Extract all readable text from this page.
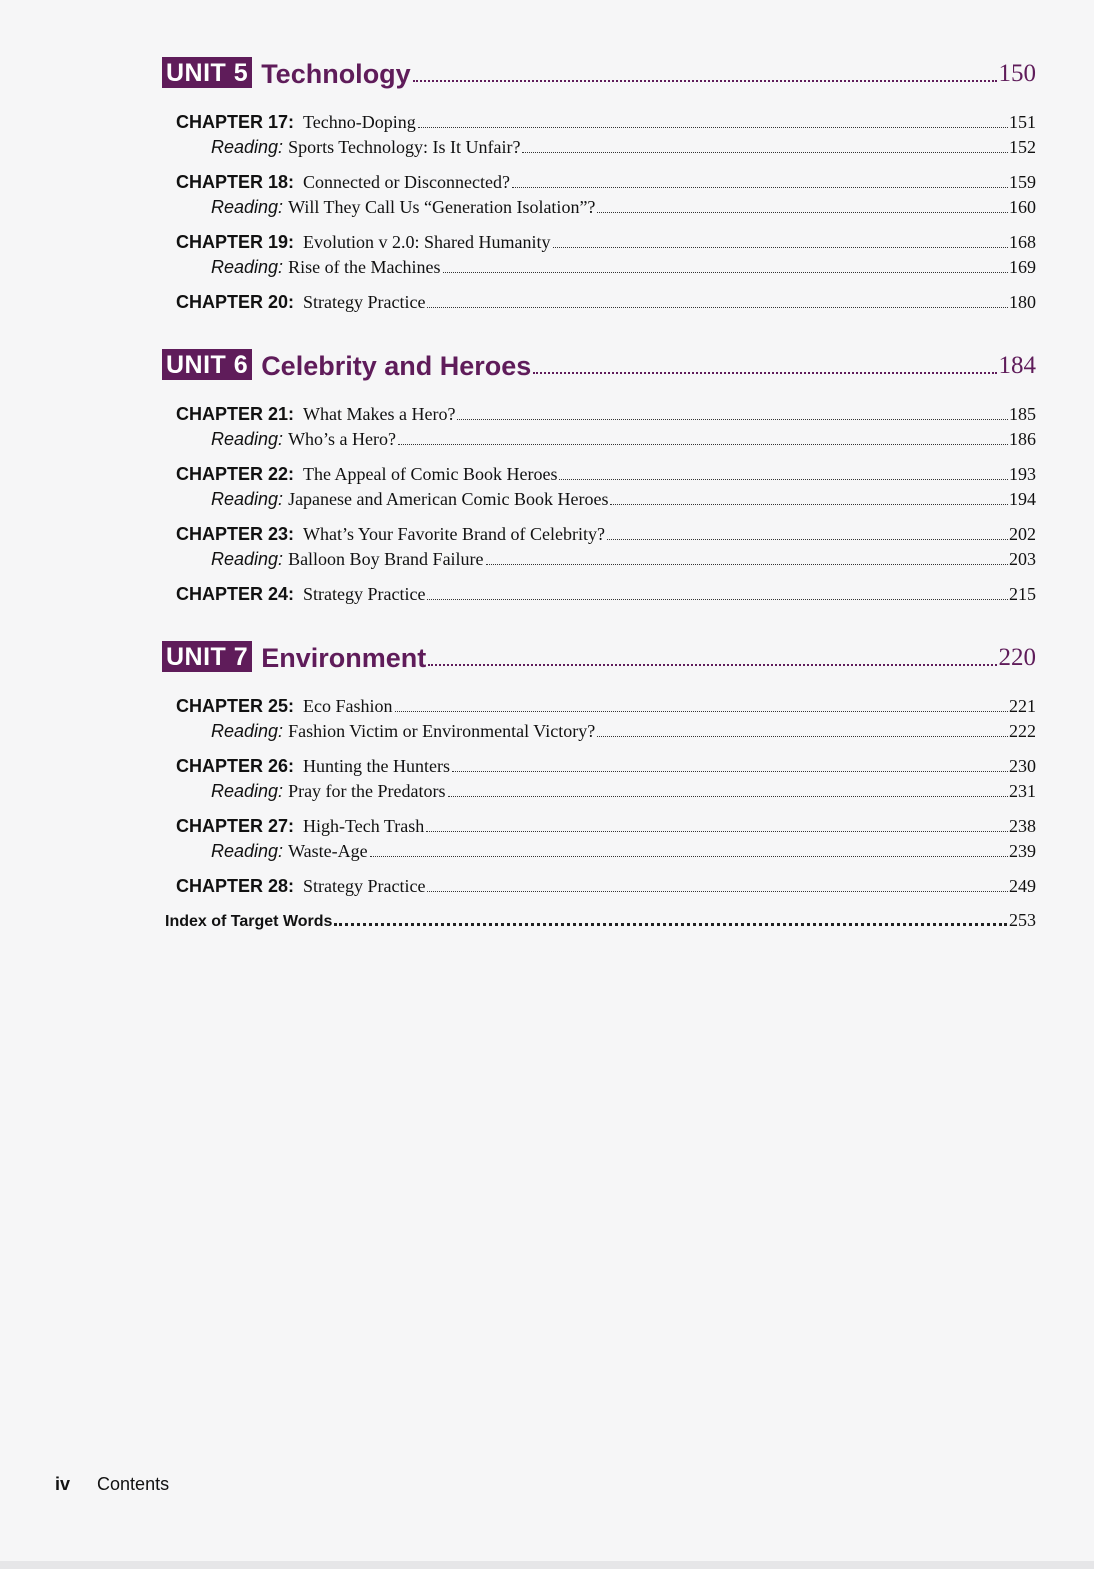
UNIT 5 Technology	150
CHAPTER 17: Techno-Doping	151
Reading: Sports Technology: Is It Unfair?	152
CHAPTER 18: Connected or Disconnected?	159
Reading: Will They Call Us “Generation Isolation”?	160
CHAPTER 19: Evolution v 2.0: Shared Humanity	168
Reading: Rise of the Machines	169
CHAPTER 20: Strategy Practice	180
UNIT 6 Celebrity and Heroes	184
CHAPTER 21: What Makes a Hero?	185
Reading: Who’s a Hero?	186
CHAPTER 22: The Appeal of Comic Book Heroes	193
Reading: Japanese and American Comic Book Heroes	194
CHAPTER 23: What’s Your Favorite Brand of Celebrity?	202
Reading: Balloon Boy Brand Failure	203
CHAPTER 24: Strategy Practice	215
UNIT 7 Environment	220
CHAPTER 25: Eco Fashion	221
Reading: Fashion Victim or Environmental Victory?	222
CHAPTER 26: Hunting the Hunters	230
Reading: Pray for the Predators	231
CHAPTER 27: High-Tech Trash	238
Reading: Waste-Age	239
CHAPTER 28: Strategy Practice	249
Index of Target Words	253
iv Contents
